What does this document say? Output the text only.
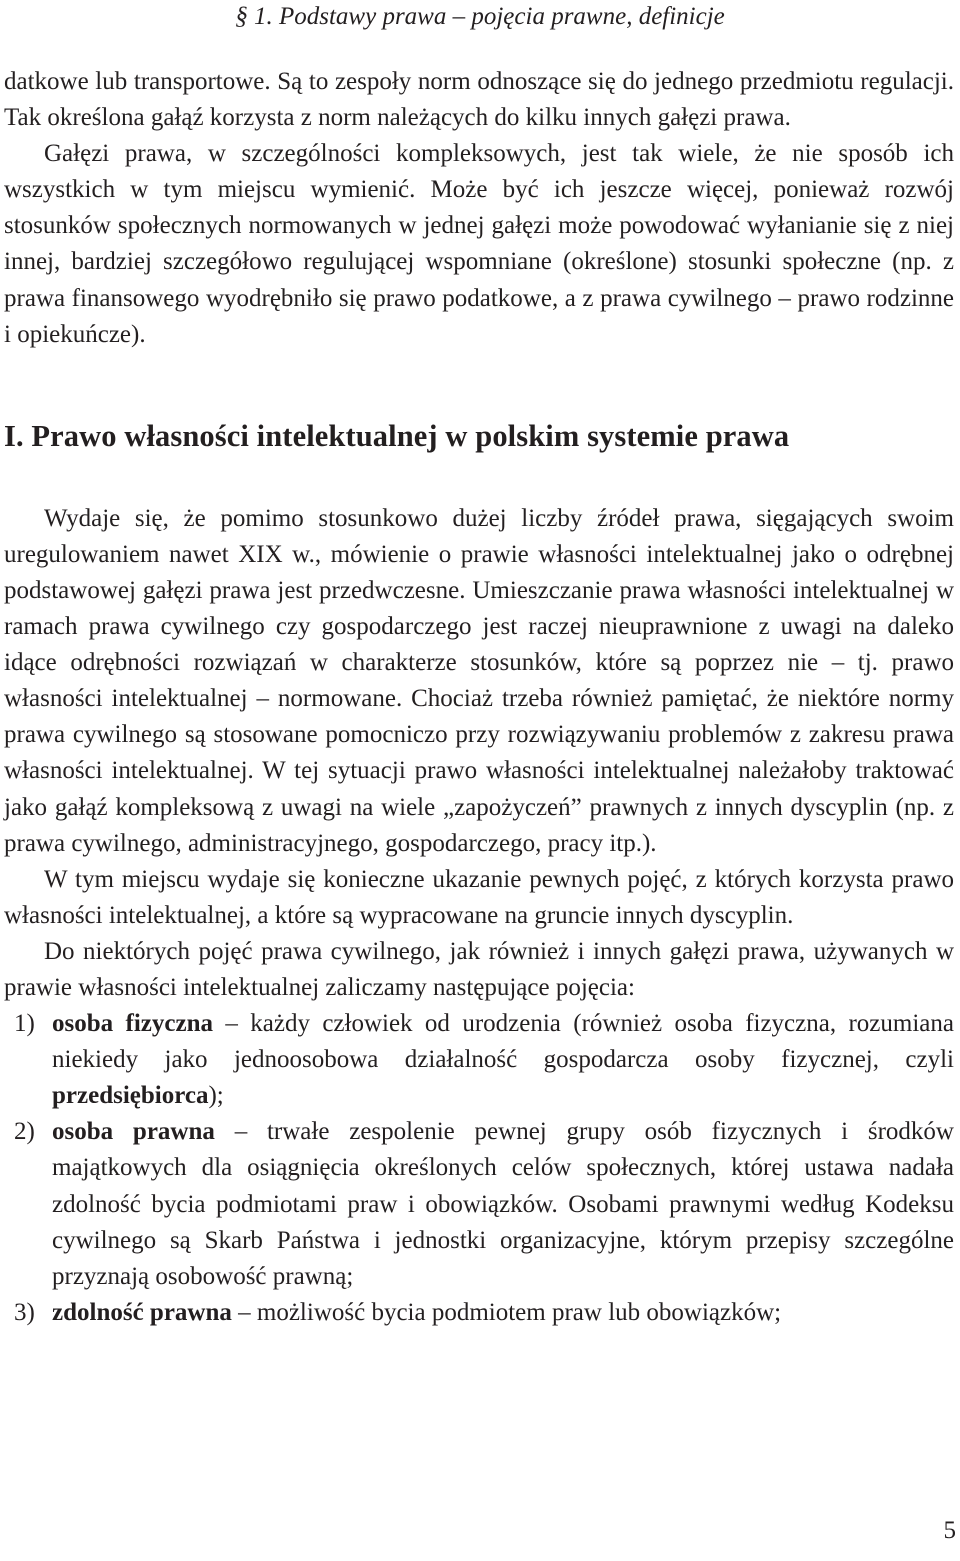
§ 1. Podstawy prawa – pojęcia prawne, definicje

datkowe lub transportowe. Są to zespoły norm odnoszące się do jednego przedmiotu regulacji. Tak określona gałąź korzysta z norm należących do kilku innych gałęzi prawa.

Gałęzi prawa, w szczególności kompleksowych, jest tak wiele, że nie sposób ich wszystkich w tym miejscu wymienić. Może być ich jeszcze więcej, ponieważ rozwój stosunków społecznych normowanych w jednej gałęzi może powodować wyłanianie się z niej innej, bardziej szczegółowo regulującej wspomniane (określone) stosunki społeczne (np. z prawa finansowego wyodrębniło się prawo podatkowe, a z prawa cywilnego – prawo rodzinne i opiekuńcze).

I. Prawo własności intelektualnej w polskim systemie prawa

Wydaje się, że pomimo stosunkowo dużej liczby źródeł prawa, sięgających swoim uregulowaniem nawet XIX w., mówienie o prawie własności intelektualnej jako o odrębnej podstawowej gałęzi prawa jest przedwczesne. Umieszczanie prawa własności intelektualnej w ramach prawa cywilnego czy gospodarczego jest raczej nieuprawnione z uwagi na daleko idące odrębności rozwiązań w charakterze stosunków, które są poprzez nie – tj. prawo własności intelektualnej – normowane. Chociaż trzeba również pamiętać, że niektóre normy prawa cywilnego są stosowane pomocniczo przy rozwiązywaniu problemów z zakresu prawa własności intelektualnej. W tej sytuacji prawo własności intelektualnej należałoby traktować jako gałąź kompleksową z uwagi na wiele „zapożyczeń” prawnych z innych dyscyplin (np. z prawa cywilnego, administracyjnego, gospodarczego, pracy itp.).

W tym miejscu wydaje się konieczne ukazanie pewnych pojęć, z których korzysta prawo własności intelektualnej, a które są wypracowane na gruncie innych dyscyplin.

Do niektórych pojęć prawa cywilnego, jak również i innych gałęzi prawa, używanych w prawie własności intelektualnej zaliczamy następujące pojęcia:

1) osoba fizyczna – każdy człowiek od urodzenia (również osoba fizyczna, rozumiana niekiedy jako jednoosobowa działalność gospodarcza osoby fizycznej, czyli przedsiębiorca);
2) osoba prawna – trwałe zespolenie pewnej grupy osób fizycznych i środków majątkowych dla osiągnięcia określonych celów społecznych, której ustawa nadała zdolność bycia podmiotami praw i obowiązków. Osobami prawnymi według Kodeksu cywilnego są Skarb Państwa i jednostki organizacyjne, którym przepisy szczególne przyznają osobowość prawną;
3) zdolność prawna – możliwość bycia podmiotem praw lub obowiązków;
5
